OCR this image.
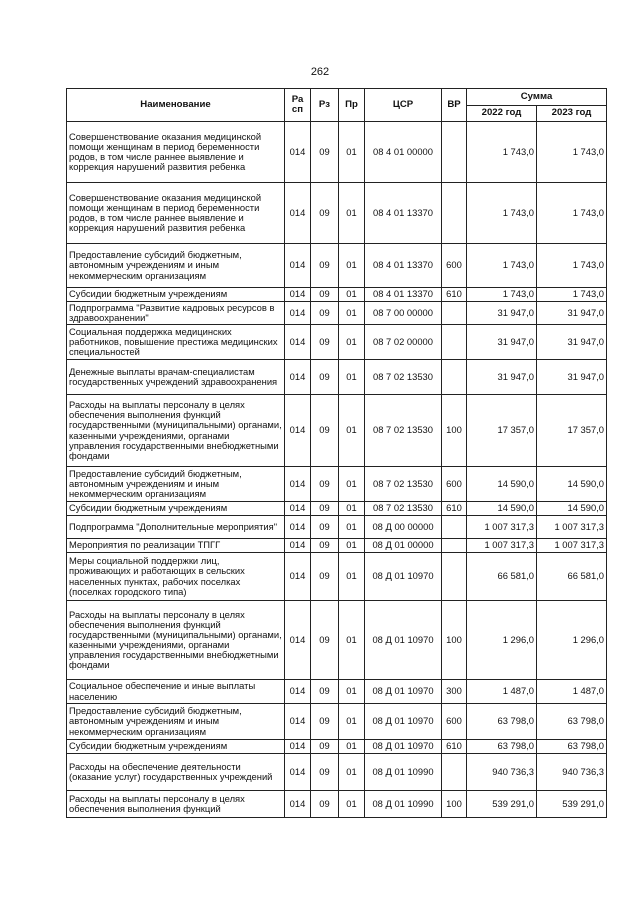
262
Наименование	Ра сп	Рз	Пр	ЦСР	ВР	Сумма	
						2022 год	2023 год
Совершенствование оказания медицинской помощи женщинам в период беременности родов, в том числе раннее выявление и коррекция нарушений развития ребенка	014	09	01	08 4 01 00000		1 743,0	1 743,0
Совершенствование оказания медицинской помощи женщинам в период беременности родов, в том числе раннее выявление и коррекция нарушений развития ребенка	014	09	01	08 4 01 13370		1 743,0	1 743,0
Предоставление субсидий бюджетным, автономным учреждениям и иным некоммерческим организациям	014	09	01	08 4 01 13370	600	1 743,0	1 743,0
Субсидии бюджетным учреждениям	014	09	01	08 4 01 13370	610	1 743,0	1 743,0
Подпрограмма "Развитие кадровых ресурсов в здравоохранении"	014	09	01	08 7 00 00000		31 947,0	31 947,0
Социальная поддержка медицинских работников, повышение престижа медицинских специальностей	014	09	01	08 7 02 00000		31 947,0	31 947,0
Денежные выплаты врачам-специалистам государственных учреждений здравоохранения	014	09	01	08 7 02 13530		31 947,0	31 947,0
Расходы на выплаты персоналу в целях обеспечения выполнения функций государственными (муниципальными) органами, казенными учреждениями, органами управления государственными внебюджетными фондами	014	09	01	08 7 02 13530	100	17 357,0	17 357,0
Предоставление субсидий бюджетным, автономным учреждениям и иным некоммерческим организациям	014	09	01	08 7 02 13530	600	14 590,0	14 590,0
Субсидии бюджетным учреждениям	014	09	01	08 7 02 13530	610	14 590,0	14 590,0
Подпрограмма "Дополнительные мероприятия"	014	09	01	08 Д 00 00000		1 007 317,3	1 007 317,3
Мероприятия по реализации ТПГГ	014	09	01	08 Д 01 00000		1 007 317,3	1 007 317,3
Меры социальной поддержки лиц, проживающих и работающих в сельских населенных пунктах, рабочих поселках (поселках городского типа)	014	09	01	08 Д 01 10970		66 581,0	66 581,0
Расходы на выплаты персоналу в целях обеспечения выполнения функций государственными (муниципальными) органами, казенными учреждениями, органами управления государственными внебюджетными фондами	014	09	01	08 Д 01 10970	100	1 296,0	1 296,0
Социальное обеспечение и иные выплаты населению	014	09	01	08 Д 01 10970	300	1 487,0	1 487,0
Предоставление субсидий бюджетным, автономным учреждениям и иным некоммерческим организациям	014	09	01	08 Д 01 10970	600	63 798,0	63 798,0
Субсидии бюджетным учреждениям	014	09	01	08 Д 01 10970	610	63 798,0	63 798,0
Расходы на обеспечение деятельности (оказание услуг) государственных учреждений	014	09	01	08 Д 01 10990		940 736,3	940 736,3
Расходы на выплаты персоналу в целях обеспечения выполнения функций	014	09	01	08 Д 01 10990	100	539 291,0	539 291,0
